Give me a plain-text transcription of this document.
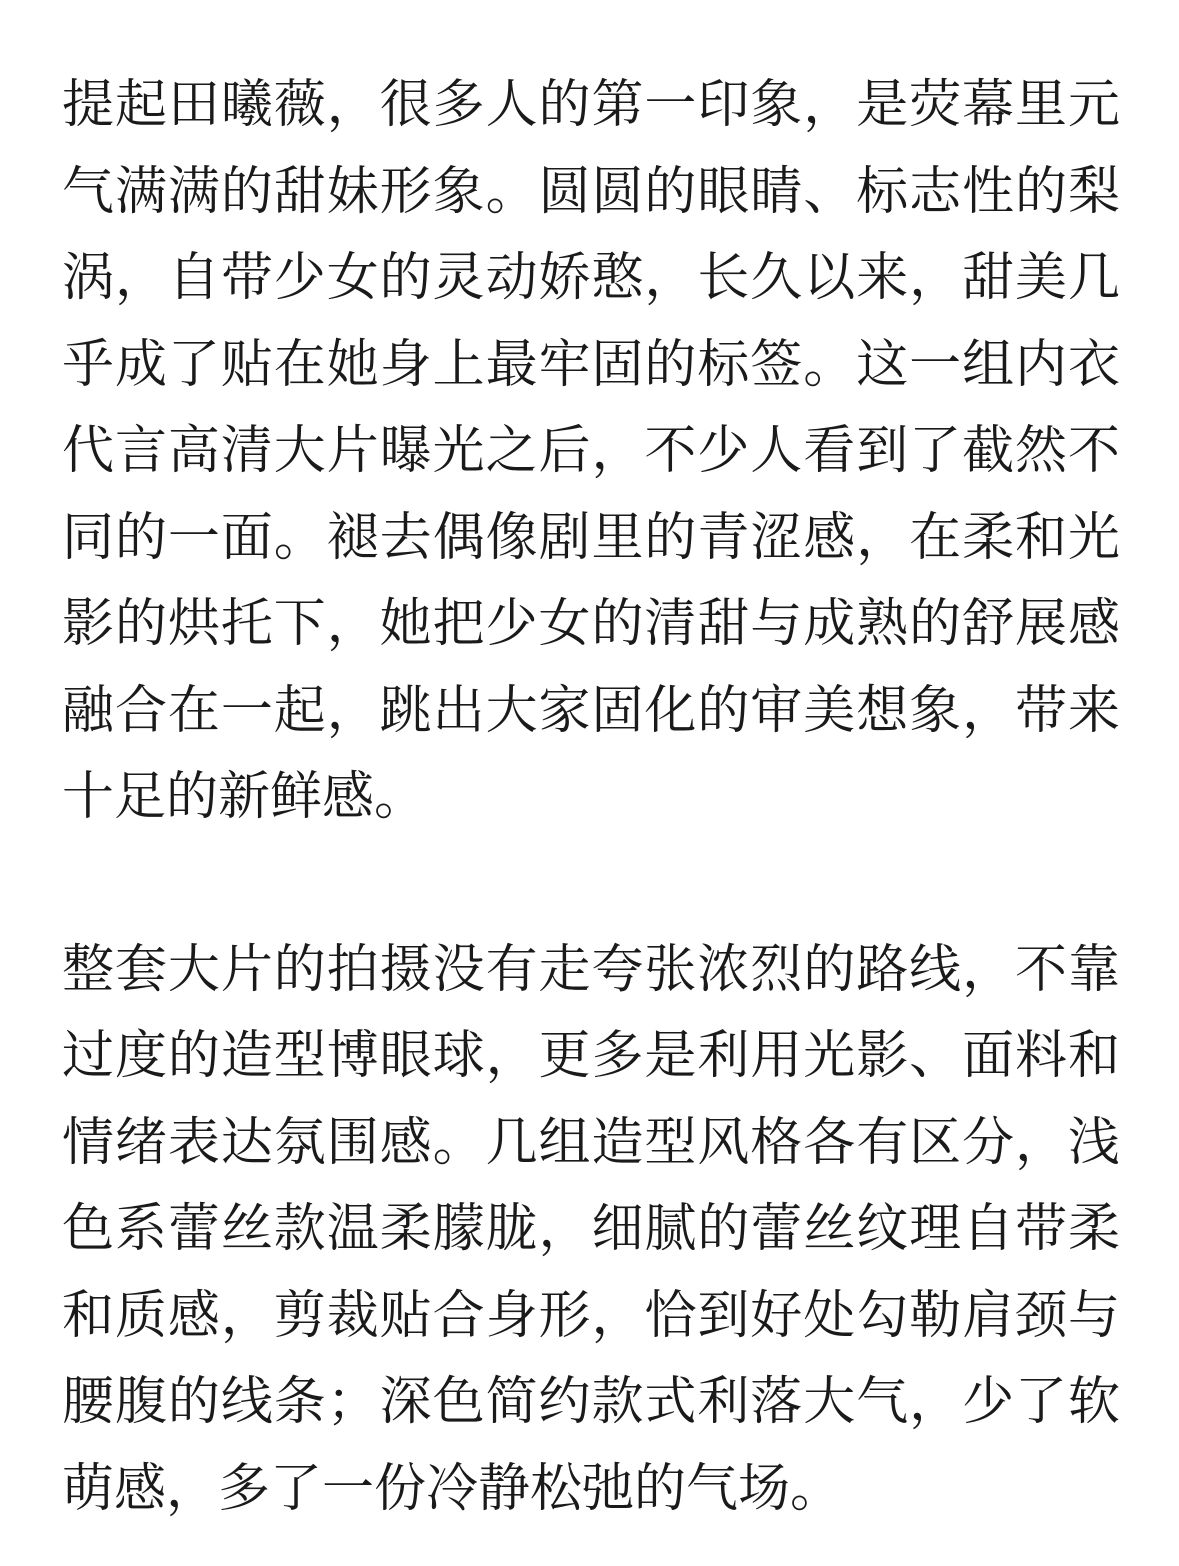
提起田曦薇，很多人的第一印象，是荧幕里元气满满的甜妹形象。圆圆的眼睛、标志性的梨涡，自带少女的灵动娇憨，长久以来，甜美几乎成了贴在她身上最牢固的标签。这一组内衣代言高清大片曝光之后，不少人看到了截然不同的一面。褪去偶像剧里的青涩感，在柔和光影的烘托下，她把少女的清甜与成熟的舒展感融合在一起，跳出大家固化的审美想象，带来十足的新鲜感。

整套大片的拍摄没有走夸张浓烈的路线，不靠过度的造型博眼球，更多是利用光影、面料和情绪表达氛围感。几组造型风格各有区分，浅色系蕾丝款温柔朦胧，细腻的蕾丝纹理自带柔和质感，剪裁贴合身形，恰到好处勾勒肩颈与腰腹的线条；深色简约款式利落大气，少了软萌感，多了一份冷静松弛的气场。
